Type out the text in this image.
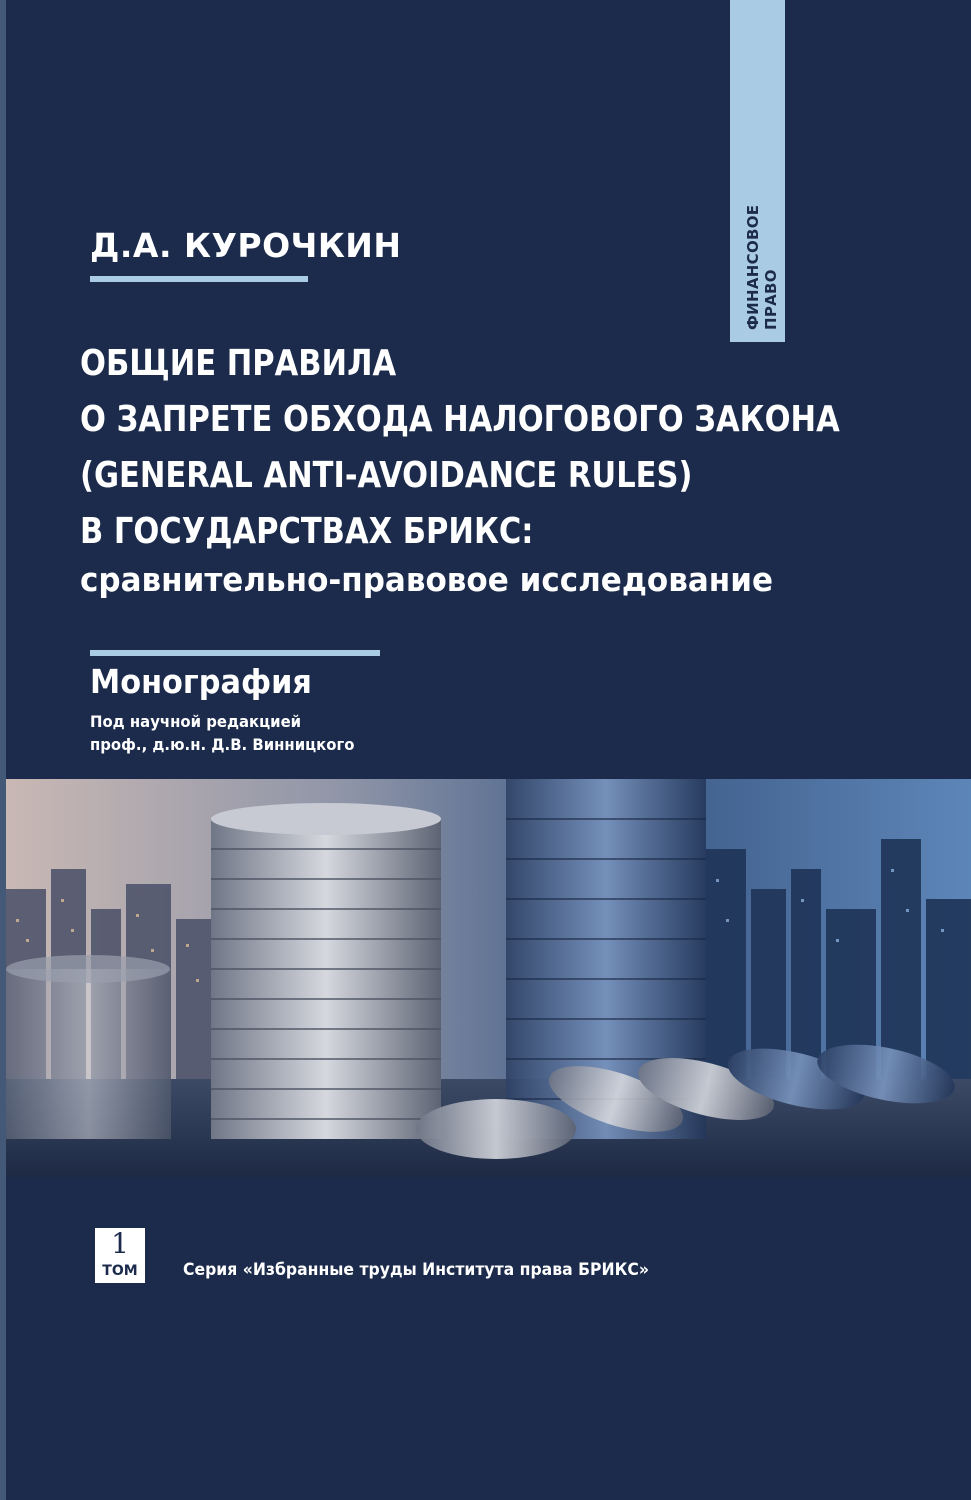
ФИНАНСОВОЕ ПРАВО
Д.А. КУРОЧКИН
ОБЩИЕ ПРАВИЛА
О ЗАПРЕТЕ ОБХОДА НАЛОГОВОГО ЗАКОНА
(GENERAL ANTI-AVOIDANCE RULES)
В ГОСУДАРСТВАХ БРИКС:
сравнительно-правовое исследование
Монография
Под научной редакцией
проф., д.ю.н. Д.В. Винницкого
1
ТОМ	Серия «Избранные труды Института права БРИКС»
